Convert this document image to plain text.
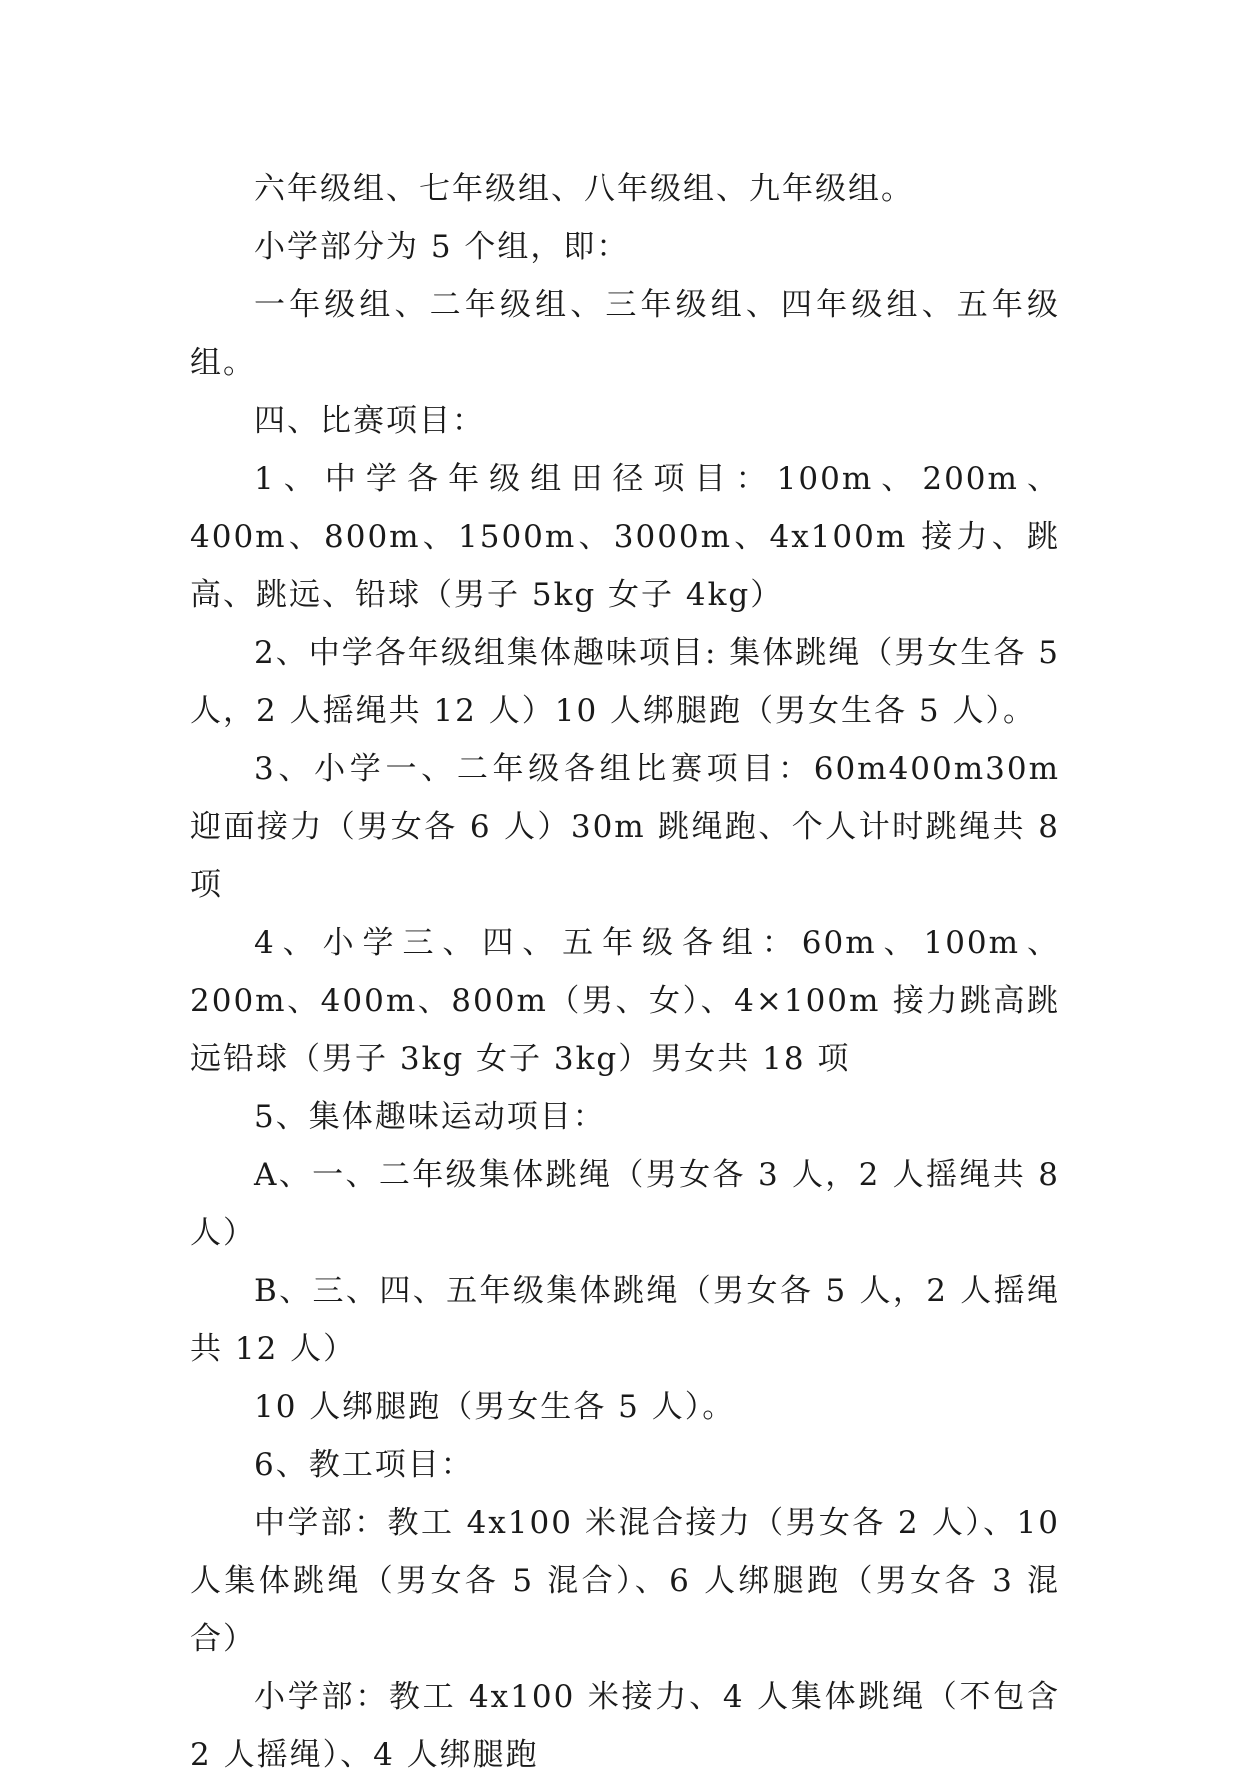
六年级组、七年级组、八年级组、九年级组。

小学部分为 5 个组，即：

一年级组、二年级组、三年级组、四年级组、五年级组。

四、比赛项目：

1、中学各年级组田径项目：100m、200m、400m、800m、1500m、3000m、4x100m 接力、跳高、跳远、铅球（男子 5kg 女子 4kg）

2、中学各年级组集体趣味项目: 集体跳绳（男女生各 5 人，2 人摇绳共 12 人）10 人绑腿跑（男女生各 5 人）。

3、小学一、二年级各组比赛项目：60m400m30m 迎面接力（男女各 6 人）30m 跳绳跑、个人计时跳绳共 8 项

4、小学三、四、五年级各组：60m、100m、200m、400m、800m（男、女）、4×100m 接力跳高跳远铅球（男子 3kg 女子 3kg）男女共 18 项

5、集体趣味运动项目：

A、一、二年级集体跳绳（男女各 3 人，2 人摇绳共 8 人）

B、三、四、五年级集体跳绳（男女各 5 人，2 人摇绳共 12 人）

10 人绑腿跑（男女生各 5 人）。

6、教工项目：

中学部：教工 4x100 米混合接力（男女各 2 人）、10 人集体跳绳（男女各 5 混合）、6 人绑腿跑（男女各 3 混合）

小学部：教工 4x100 米接力、4 人集体跳绳（不包含 2 人摇绳）、4 人绑腿跑
